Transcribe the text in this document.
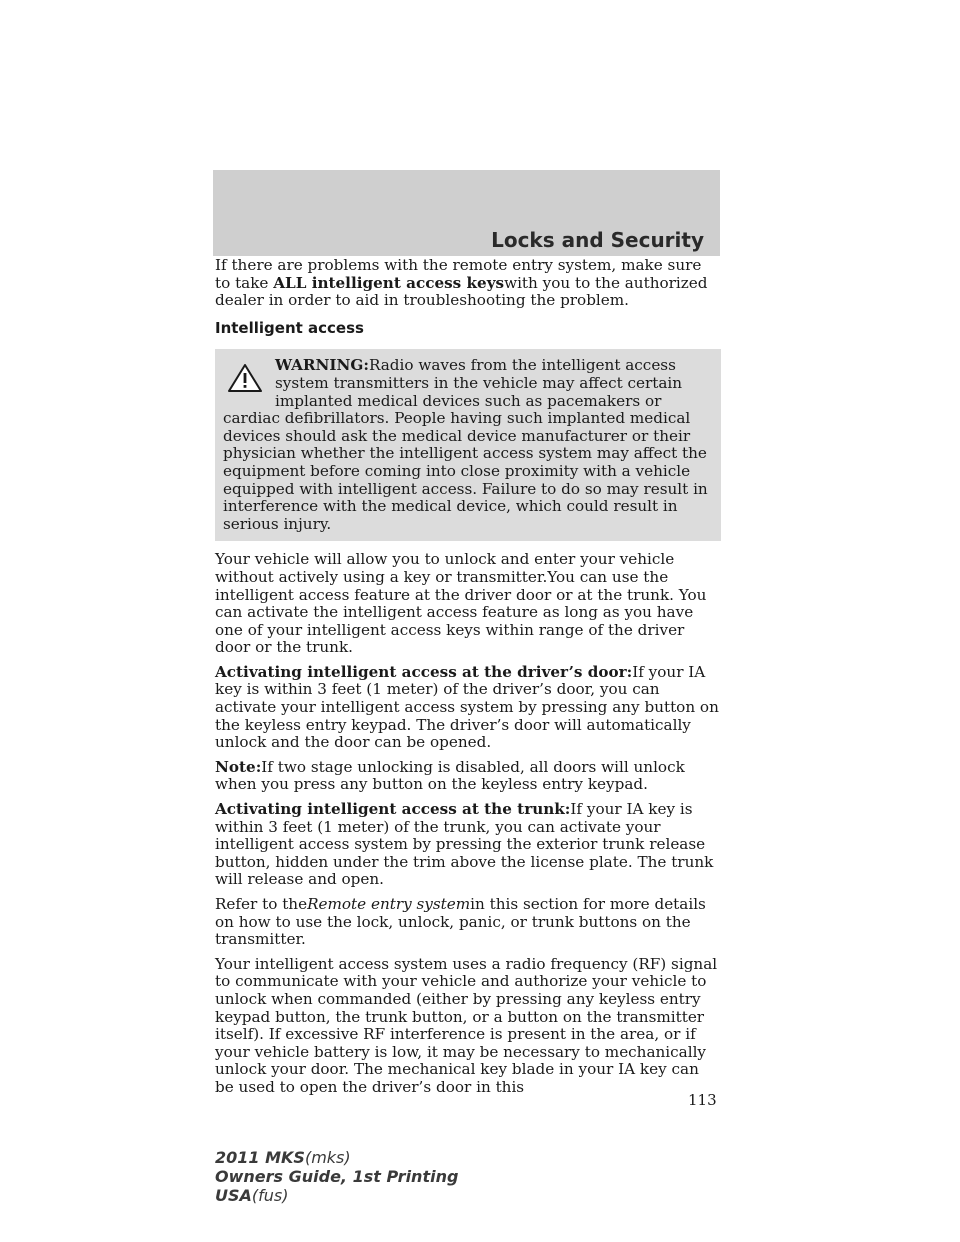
Locks and Security

If there are problems with the remote entry system, make sure to take ALL intelligent access keyswith you to the authorized dealer in order to aid in troubleshooting the problem.

Intelligent access

WARNING:Radio waves from the intelligent access system transmitters in the vehicle may affect certain implanted medical devices such as pacemakers or cardiac defibrillators. People having such implanted medical devices should ask the medical device manufacturer or their physician whether the intelligent access system may affect the equipment before coming into close proximity with a vehicle equipped with intelligent access. Failure to do so may result in interference with the medical device, which could result in serious injury.

Your vehicle will allow you to unlock and enter your vehicle without actively using a key or transmitter.You can use the intelligent access feature at the driver door or at the trunk. You can activate the intelligent access feature as long as you have one of your intelligent access keys within range of the driver door or the trunk.

Activating intelligent access at the driver’s door:If your IA key is within 3 feet (1 meter) of the driver’s door, you can activate your intelligent access system by pressing any button on the keyless entry keypad. The driver’s door will automatically unlock and the door can be opened.

Note:If two stage unlocking is disabled, all doors will unlock when you press any button on the keyless entry keypad.

Activating intelligent access at the trunk:If your IA key is within 3 feet (1 meter) of the trunk, you can activate your intelligent access system by pressing the exterior trunk release button, hidden under the trim above the license plate. The trunk will release and open.

Refer to theRemote entry systemin this section for more details on how to use the lock, unlock, panic, or trunk buttons on the transmitter.

Your intelligent access system uses a radio frequency (RF) signal to communicate with your vehicle and authorize your vehicle to unlock when commanded (either by pressing any keyless entry keypad button, the trunk button, or a button on the transmitter itself). If excessive RF interference is present in the area, or if your vehicle battery is low, it may be necessary to mechanically unlock your door. The mechanical key blade in your IA key can be used to open the driver’s door in this

113
2011 MKS(mks)
Owners Guide, 1st Printing
USA(fus)
